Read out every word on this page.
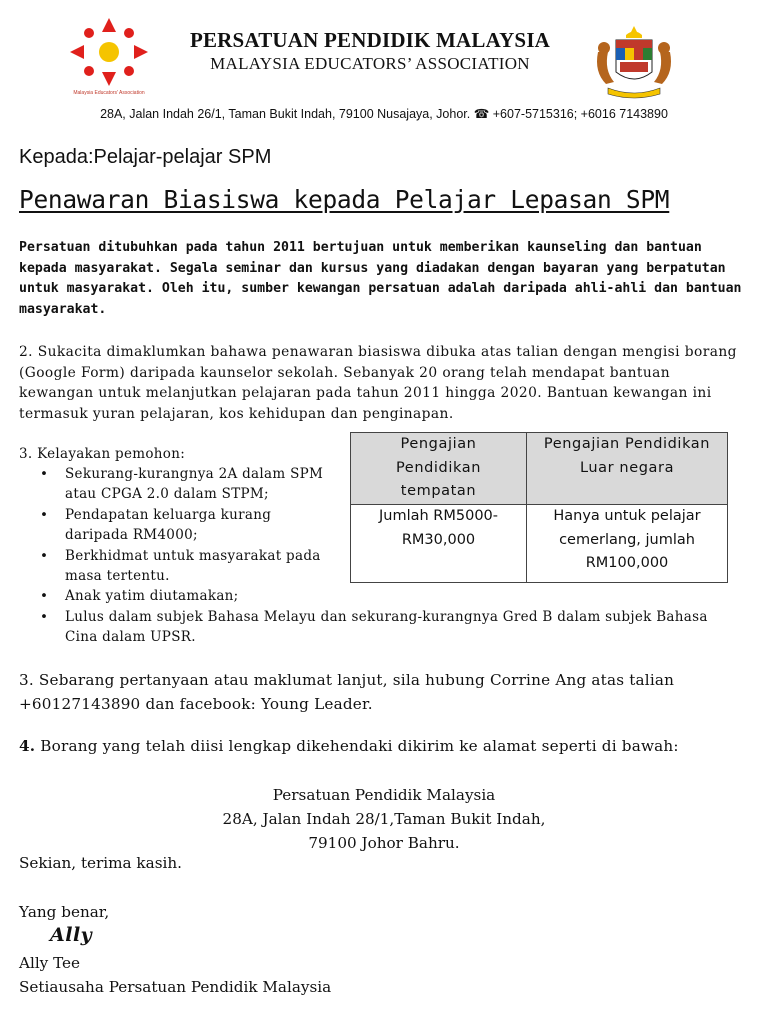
Malaysia Educators' Association
PERSATUAN PENDIDIK MALAYSIA
MALAYSIA EDUCATORS’ ASSOCIATION
28A, Jalan Indah 26/1, Taman Bukit Indah, 79100 Nusajaya, Johor. ☎ +607-5715316; +6016 7143890
Kepada:Pelajar-pelajar SPM
Penawaran Biasiswa kepada Pelajar Lepasan SPM
Persatuan ditubuhkan pada tahun 2011 bertujuan untuk memberikan kaunseling dan bantuan kepada masyarakat. Segala seminar dan kursus yang diadakan dengan bayaran yang berpatutan untuk masyarakat. Oleh itu, sumber kewangan persatuan adalah daripada ahli-ahli dan bantuan masyarakat.
2. Sukacita dimaklumkan bahawa penawaran biasiswa dibuka atas talian dengan mengisi borang (Google Form) daripada kaunselor sekolah. Sebanyak 20 orang telah mendapat bantuan kewangan untuk melanjutkan pelajaran pada tahun 2011 hingga 2020. Bantuan kewangan ini termasuk yuran pelajaran, kos kehidupan dan penginapan.
3. Kelayakan pemohon:
• Sekurang-kurangnya 2A dalam SPM atau CPGA 2.0 dalam STPM;
• Pendapatan keluarga kurang daripada RM4000;
• Berkhidmat untuk masyarakat pada masa tertentu.
• Anak yatim diutamakan;
• Lulus dalam subjek Bahasa Melayu dan sekurang-kurangnya Gred B dalam subjek Bahasa Cina dalam UPSR.
Pengajian Pendidikan tempatan	Pengajian Pendidikan Luar negara
Jumlah RM5000-RM30,000	Hanya untuk pelajar cemerlang, jumlah RM100,000
3. Sebarang pertanyaan atau maklumat lanjut, sila hubung Corrine Ang atas talian +60127143890 dan facebook: Young Leader.
4. Borang yang telah diisi lengkap dikehendaki dikirim ke alamat seperti di bawah:
Persatuan Pendidik Malaysia
28A, Jalan Indah 28/1,Taman Bukit Indah,
79100 Johor Bahru.
Sekian, terima kasih.
Yang benar,
Ally
Ally Tee
Setiausaha Persatuan Pendidik Malaysia
